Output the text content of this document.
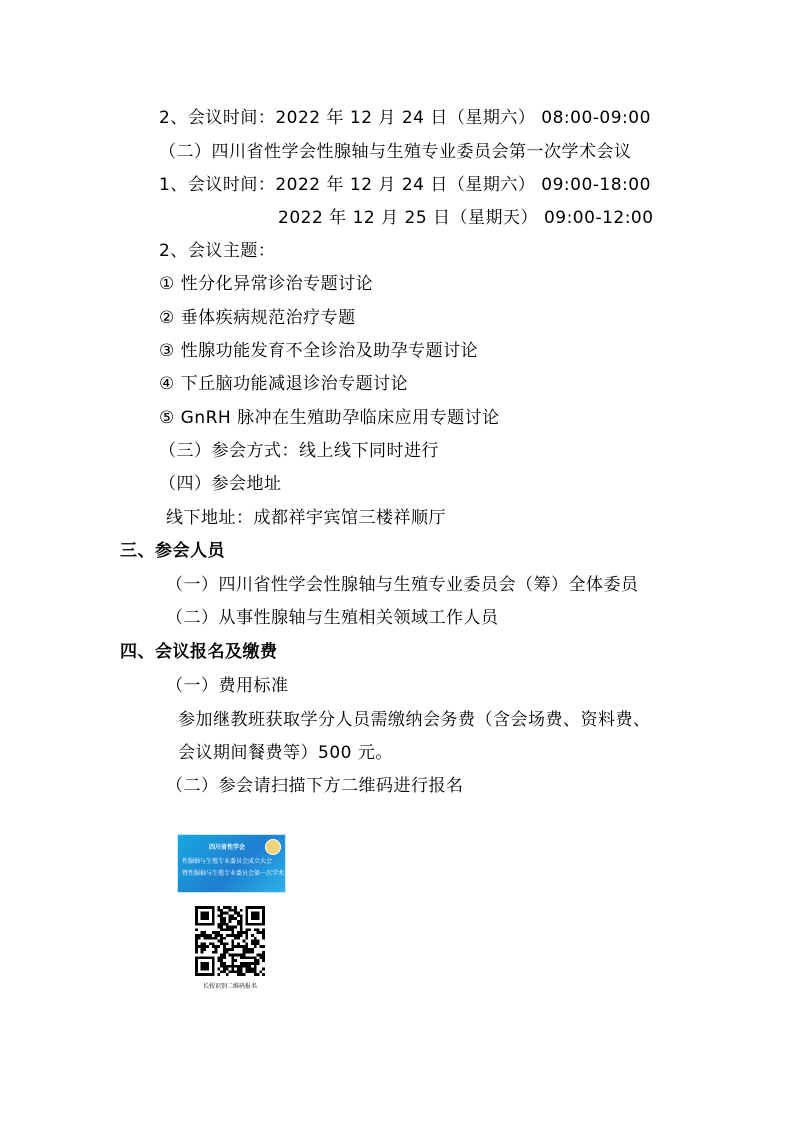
2、会议时间：2022 年 12 月 24 日（星期六） 08:00-09:00
（二）四川省性学会性腺轴与生殖专业委员会第一次学术会议
1、会议时间：2022 年 12 月 24 日（星期六） 09:00-18:00
2022 年 12 月 25 日（星期天） 09:00-12:00
2、会议主题：
① 性分化异常诊治专题讨论
② 垂体疾病规范治疗专题
③ 性腺功能发育不全诊治及助孕专题讨论
④ 下丘脑功能减退诊治专题讨论
⑤ GnRH 脉冲在生殖助孕临床应用专题讨论
（三）参会方式：线上线下同时进行
（四）参会地址
线下地址：成都祥宇宾馆三楼祥顺厅
三、参会人员
（一）四川省性学会性腺轴与生殖专业委员会（筹）全体委员
（二）从事性腺轴与生殖相关领域工作人员
四、会议报名及缴费
（一）费用标准
参加继教班获取学分人员需缴纳会务费（含会场费、资料费、
会议期间餐费等）500 元。
（二）参会请扫描下方二维码进行报名
四川省性学会
性腺轴与生殖专业委员会成立大会
暨性腺轴与生殖专业委员会第一次学术会议
长按识别二维码报名
